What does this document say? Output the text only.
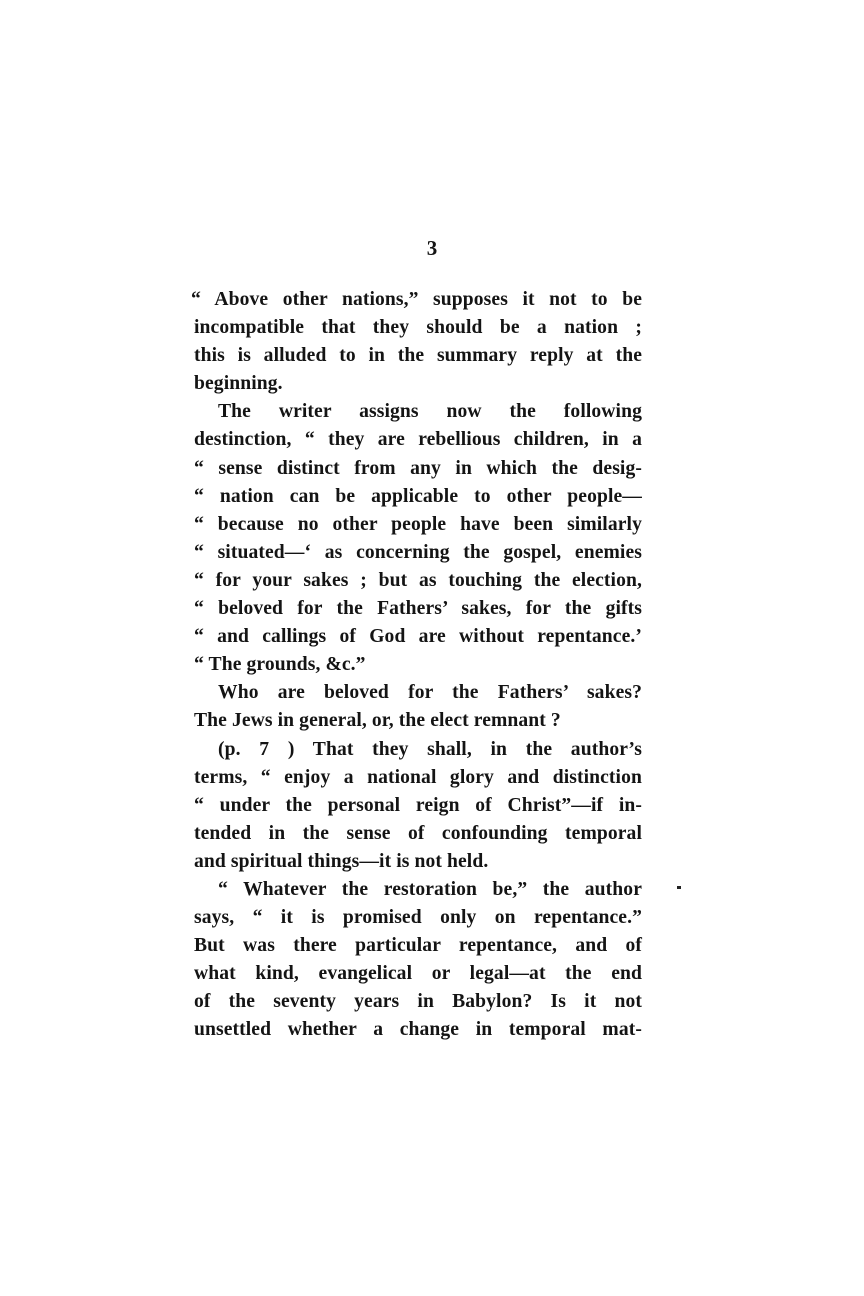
3
“ Above other nations,” supposes it not to be
incompatible that they should be a nation ;
this is alluded to in the summary reply at the
beginning.
The writer assigns now the following
destinction, “ they are rebellious children, in a
“ sense distinct from any in which the desig-
“ nation can be applicable to other people—
“ because no other people have been similarly
“ situated—‘ as concerning the gospel, enemies
“ for your sakes ; but as touching the election,
“ beloved for the Fathers’ sakes, for the gifts
“ and callings of God are without repentance.’
“ The grounds, &c.”
Who are beloved for the Fathers’ sakes?
The Jews in general, or, the elect remnant ?
(p. 7 ) That they shall, in the author’s
terms, “ enjoy a national glory and distinction
“ under the personal reign of Christ”—if in-
tended in the sense of confounding temporal
and spiritual things—it is not held.
“ Whatever the restoration be,” the author
says, “ it is promised only on repentance.”
But was there particular repentance, and of
what kind, evangelical or legal—at the end
of the seventy years in Babylon? Is it not
unsettled whether a change in temporal mat-
